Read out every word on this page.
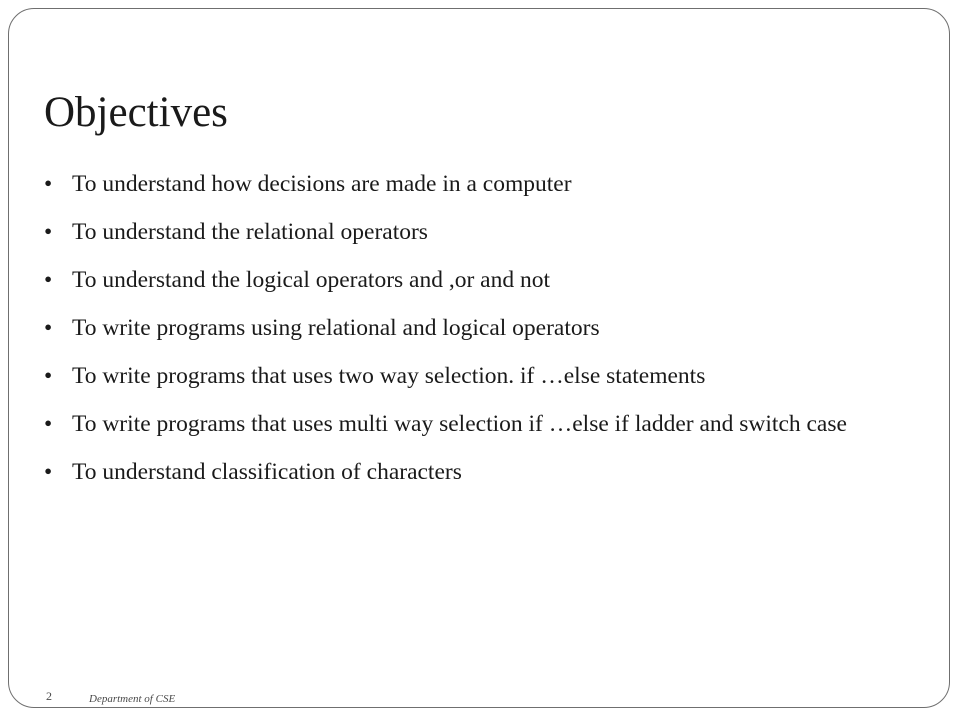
Objectives
• To understand how decisions are made in a computer
• To understand the relational operators
• To understand the logical operators and ,or and not
• To write programs using relational and logical operators
• To write programs that uses two way selection. if …else statements
• To write programs that uses multi way selection if …else if ladder and switch case
• To understand classification of characters
2	Department of CSE
